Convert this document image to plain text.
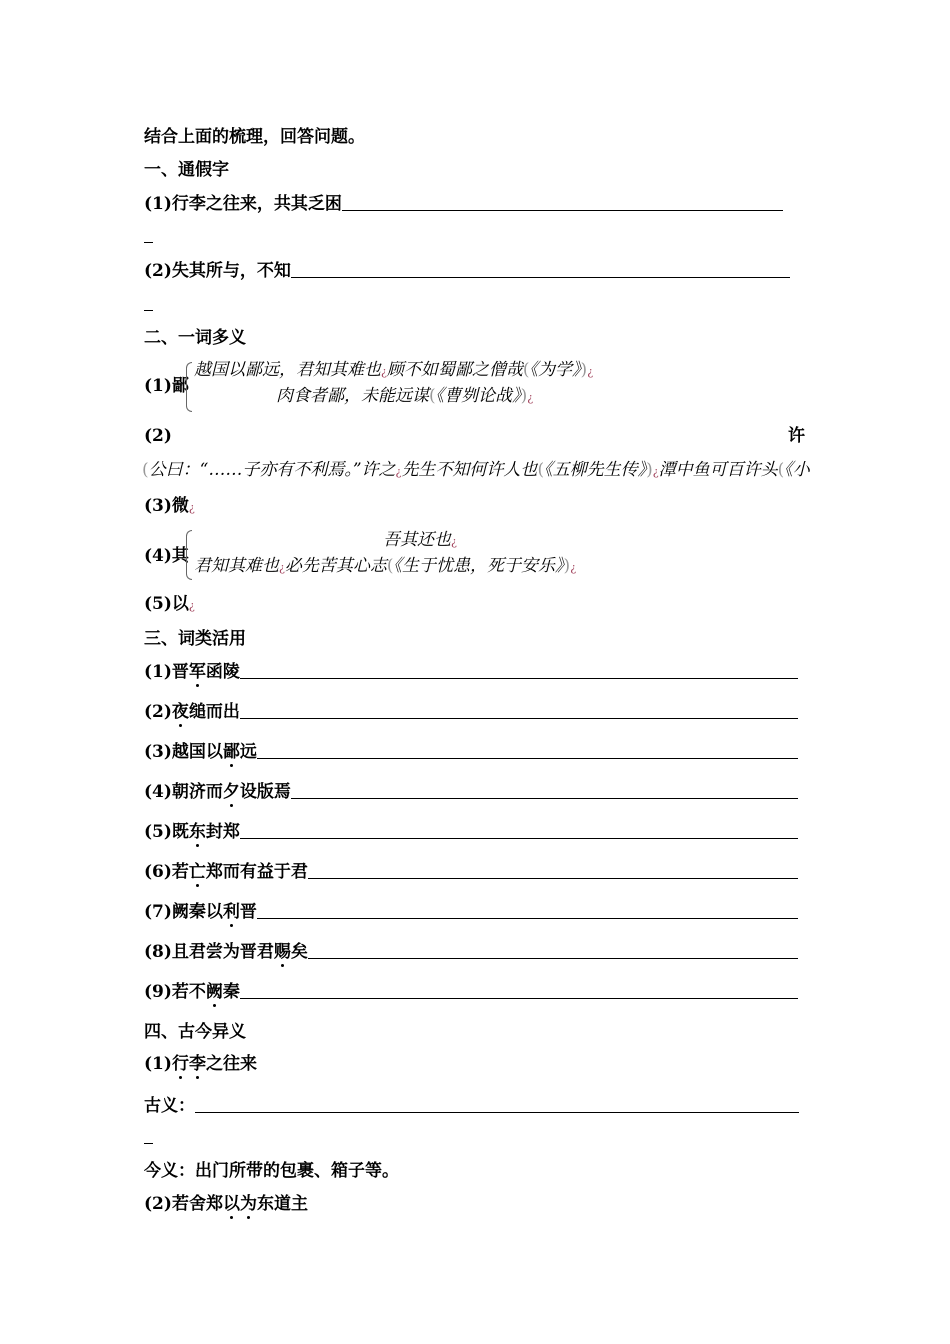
结合上面的梳理，回答问题。
一、通假字
(1)行李之往来，共其乏困
(2)失其所与，不知
二、一词多义
(1)鄙
越国以鄙远，君知其难也¿顾不如蜀鄙之僧哉(《为学》)¿
肉食者鄙，未能远谋(《曹刿论战》)¿
(2)	许
(公曰：“……子亦有不利焉。”许之¿先生不知何许人也(《五柳先生传》)¿潭中鱼可百许头(《小
(3)微¿
(4)其
吾其还也¿
君知其难也¿必先苦其心志(《生于忧患，死于安乐》)¿
(5)以¿
三、词类活用
(1)晋军函陵
(2)夜缒而出
(3)越国以鄙远
(4)朝济而夕设版焉
(5)既东封郑
(6)若亡郑而有益于君
(7)阙秦以利晋
(8)且君尝为晋君赐矣
(9)若不阙秦
四、古今异义
(1)行李之往来
古义：
今义：出门所带的包裹、箱子等。
(2)若舍郑以为东道主
